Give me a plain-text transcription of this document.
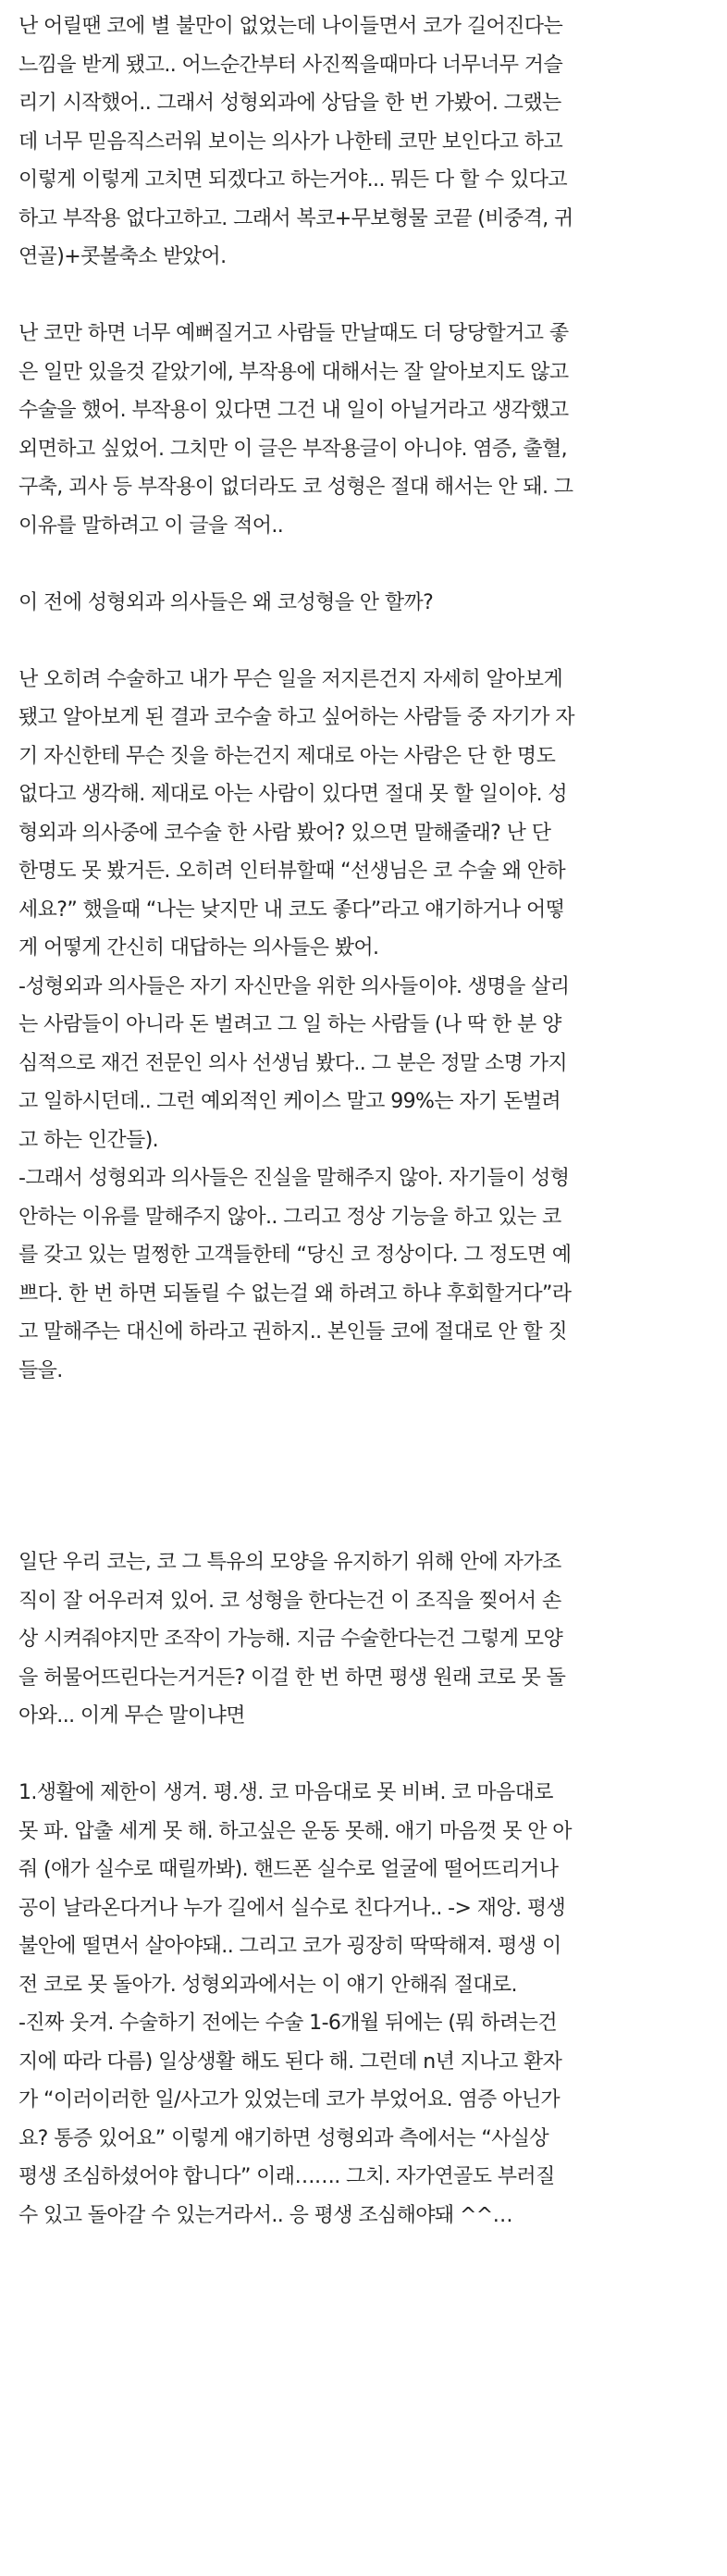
난 어릴땐 코에 별 불만이 없었는데 나이들면서 코가 길어진다는
느낌을 받게 됐고.. 어느순간부터 사진찍을때마다 너무너무 거슬
리기 시작했어.. 그래서 성형외과에 상담을 한 번 가봤어. 그랬는
데 너무 믿음직스러워 보이는 의사가 나한테 코만 보인다고 하고
이렇게 이렇게 고치면 되겠다고 하는거야... 뭐든 다 할 수 있다고
하고 부작용 없다고하고. 그래서 복코+무보형물 코끝 (비중격, 귀
연골)+콧볼축소 받았어.
난 코만 하면 너무 예뻐질거고 사람들 만날때도 더 당당할거고 좋
은 일만 있을것 같았기에, 부작용에 대해서는 잘 알아보지도 않고
수술을 했어. 부작용이 있다면 그건 내 일이 아닐거라고 생각했고
외면하고 싶었어. 그치만 이 글은 부작용글이 아니야. 염증, 출혈,
구축, 괴사 등 부작용이 없더라도 코 성형은 절대 해서는 안 돼. 그
이유를 말하려고 이 글을 적어..
이 전에 성형외과 의사들은 왜 코성형을 안 할까?
난 오히려 수술하고 내가 무슨 일을 저지른건지 자세히 알아보게
됐고 알아보게 된 결과 코수술 하고 싶어하는 사람들 중 자기가 자
기 자신한테 무슨 짓을 하는건지 제대로 아는 사람은 단 한 명도
없다고 생각해. 제대로 아는 사람이 있다면 절대 못 할 일이야. 성
형외과 의사중에 코수술 한 사람 봤어? 있으면 말해줄래? 난 단
한명도 못 봤거든. 오히려 인터뷰할때 “선생님은 코 수술 왜 안하
세요?” 했을때 “나는 낮지만 내 코도 좋다”라고 얘기하거나 어떻
게 어떻게 간신히 대답하는 의사들은 봤어.
-성형외과 의사들은 자기 자신만을 위한 의사들이야. 생명을 살리
는 사람들이 아니라 돈 벌려고 그 일 하는 사람들 (나 딱 한 분 양
심적으로 재건 전문인 의사 선생님 봤다.. 그 분은 정말 소명 가지
고 일하시던데.. 그런 예외적인 케이스 말고 99%는 자기 돈벌려
고 하는 인간들).
-그래서 성형외과 의사들은 진실을 말해주지 않아. 자기들이 성형
안하는 이유를 말해주지 않아.. 그리고 정상 기능을 하고 있는 코
를 갖고 있는 멀쩡한 고객들한테 “당신 코 정상이다. 그 정도면 예
쁘다. 한 번 하면 되돌릴 수 없는걸 왜 하려고 하냐 후회할거다”라
고 말해주는 대신에 하라고 권하지.. 본인들 코에 절대로 안 할 짓
들을.
일단 우리 코는, 코 그 특유의 모양을 유지하기 위해 안에 자가조
직이 잘 어우러져 있어. 코 성형을 한다는건 이 조직을 찢어서 손
상 시켜줘야지만 조작이 가능해. 지금 수술한다는건 그렇게 모양
을 허물어뜨린다는거거든? 이걸 한 번 하면 평생 원래 코로 못 돌
아와... 이게 무슨 말이냐면
1.생활에 제한이 생겨. 평.생. 코 마음대로 못 비벼. 코 마음대로
못 파. 압출 세게 못 해. 하고싶은 운동 못해. 애기 마음껏 못 안 아
줘 (애가 실수로 때릴까봐). 핸드폰 실수로 얼굴에 떨어뜨리거나
공이 날라온다거나 누가 길에서 실수로 친다거나.. -> 재앙. 평생
불안에 떨면서 살아야돼.. 그리고 코가 굉장히 딱딱해져. 평생 이
전 코로 못 돌아가. 성형외과에서는 이 얘기 안해줘 절대로.
-진짜 웃겨. 수술하기 전에는 수술 1-6개월 뒤에는 (뭐 하려는건
지에 따라 다름) 일상생활 해도 된다 해. 그런데 n년 지나고 환자
가 “이러이러한 일/사고가 있었는데 코가 부었어요. 염증 아닌가
요? 통증 있어요” 이렇게 얘기하면 성형외과 측에서는 “사실상
평생 조심하셨어야 합니다” 이래……. 그치. 자가연골도 부러질
수 있고 돌아갈 수 있는거라서.. 응 평생 조심해야돼 ^^…
